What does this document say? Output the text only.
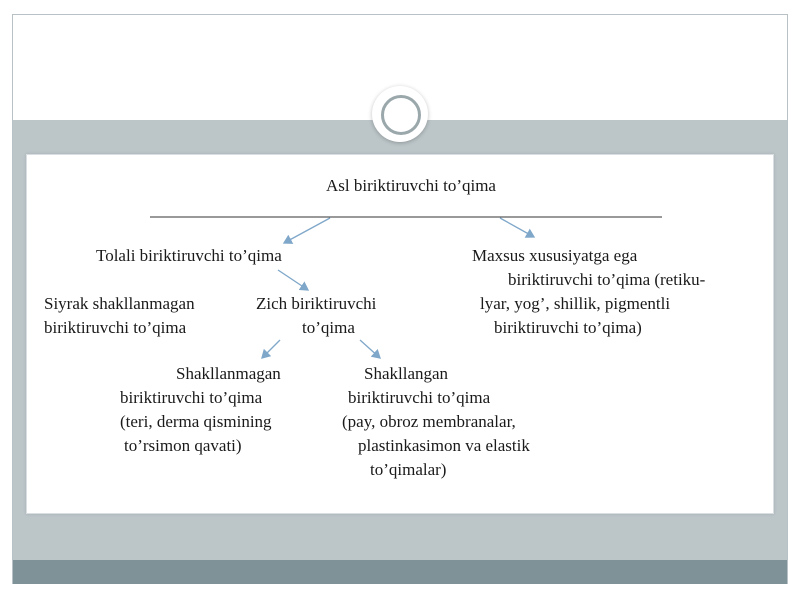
Asl biriktiruvchi to’qima
Tolali biriktiruvchi to’qima	Maxsus xususiyatga ega
biriktiruvchi to’qima (retiku-
lyar, yog’, shillik, pigmentli
biriktiruvchi to’qima)
Siyrak shakllanmagan
biriktiruvchi to’qima
Zich biriktiruvchi
to’qima
Shakllanmagan
biriktiruvchi to’qima
(teri, derma qismining
to’rsimon qavati)
Shakllangan
biriktiruvchi to’qima
(pay, obroz membranalar,
plastinkasimon va elastik
to’qimalar)
